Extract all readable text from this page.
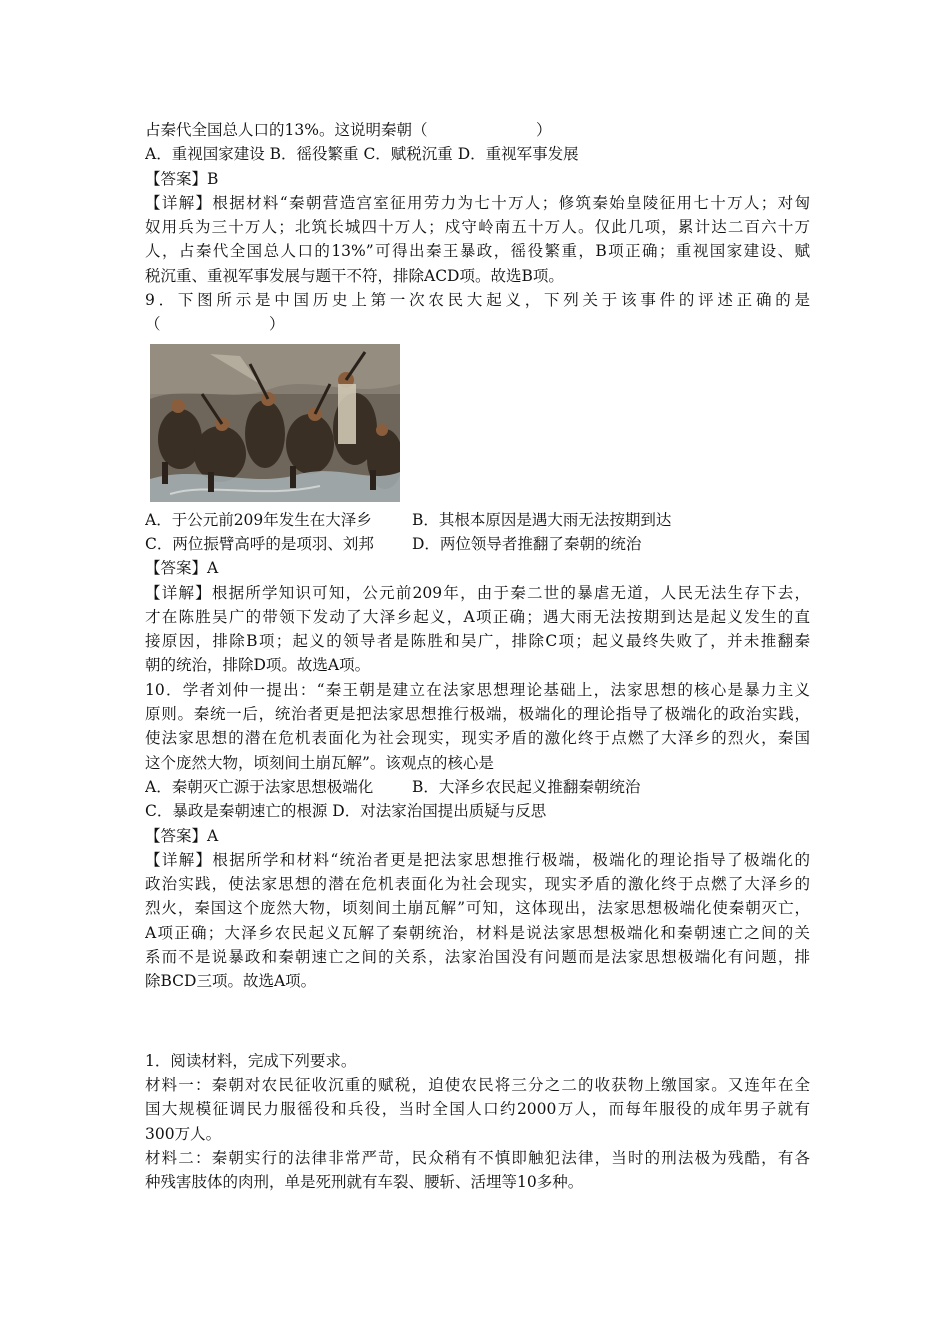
占秦代全国总人口的13%。这说明秦朝（　　　　　　　）
A．重视国家建设 B．徭役繁重 C．赋税沉重 D．重视军事发展
【答案】B
【详解】根据材料“秦朝营造宫室征用劳力为七十万人；修筑秦始皇陵征用七十万人；对匈
奴用兵为三十万人；北筑长城四十万人；戍守岭南五十万人。仅此几项，累计达二百六十万
人，占秦代全国总人口的13%”可得出秦王暴政，徭役繁重，B项正确；重视国家建设、赋
税沉重、重视军事发展与题干不符，排除ACD项。故选B项。
9．下图所示是中国历史上第一次农民大起义，下列关于该事件的评述正确的是
（　　　　　　　）
A．于公元前209年发生在大泽乡	B．其根本原因是遇大雨无法按期到达
C．两位振臂高呼的是项羽、刘邦	D．两位领导者推翻了秦朝的统治
【答案】A
【详解】根据所学知识可知，公元前209年，由于秦二世的暴虐无道，人民无法生存下去，
才在陈胜吴广的带领下发动了大泽乡起义，A项正确；遇大雨无法按期到达是起义发生的直
接原因，排除B项；起义的领导者是陈胜和吴广，排除C项；起义最终失败了，并未推翻秦
朝的统治，排除D项。故选A项。
10．学者刘仲一提出：“秦王朝是建立在法家思想理论基础上，法家思想的核心是暴力主义
原则。秦统一后，统治者更是把法家思想推行极端，极端化的理论指导了极端化的政治实践，
使法家思想的潜在危机表面化为社会现实，现实矛盾的激化终于点燃了大泽乡的烈火，秦国
这个庞然大物，顷刻间土崩瓦解”。该观点的核心是
A．秦朝灭亡源于法家思想极端化	B．大泽乡农民起义推翻秦朝统治
C．暴政是秦朝速亡的根源 D．对法家治国提出质疑与反思
【答案】A
【详解】根据所学和材料“统治者更是把法家思想推行极端，极端化的理论指导了极端化的
政治实践，使法家思想的潜在危机表面化为社会现实，现实矛盾的激化终于点燃了大泽乡的
烈火，秦国这个庞然大物，顷刻间土崩瓦解”可知，这体现出，法家思想极端化使秦朝灭亡，
A项正确；大泽乡农民起义瓦解了秦朝统治，材料是说法家思想极端化和秦朝速亡之间的关
系而不是说暴政和秦朝速亡之间的关系，法家治国没有问题而是法家思想极端化有问题，排
除BCD三项。故选A项。
1．阅读材料，完成下列要求。
材料一：秦朝对农民征收沉重的赋税，迫使农民将三分之二的收获物上缴国家。又连年在全
国大规模征调民力服徭役和兵役，当时全国人口约2000万人，而每年服役的成年男子就有
300万人。
材料二：秦朝实行的法律非常严苛，民众稍有不慎即触犯法律，当时的刑法极为残酷，有各
种残害肢体的肉刑，单是死刑就有车裂、腰斩、活埋等10多种。
